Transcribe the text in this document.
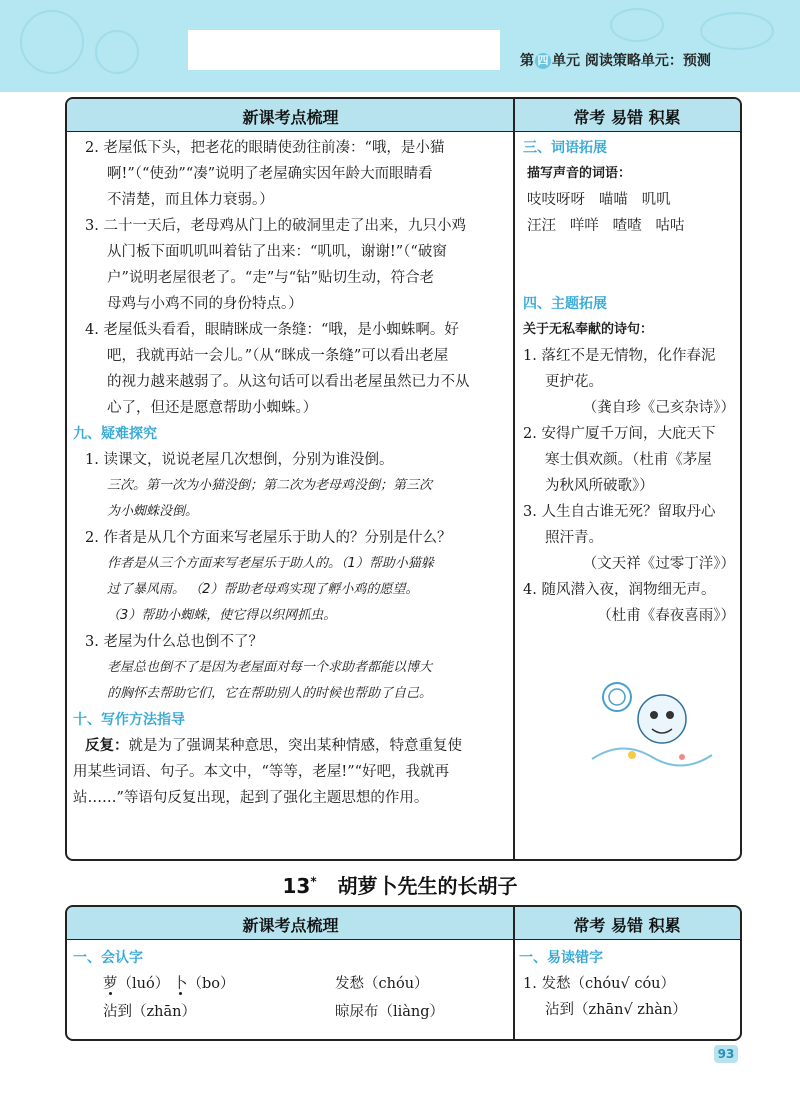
第 四 单元 阅读策略单元：预测
新课考点梳理	常考 易错 积累
2. 老屋低下头，把老花的眼睛使劲往前凑：“哦，是小猫
啊!”（“使劲”“凑”说明了老屋确实因年龄大而眼睛看
不清楚，而且体力衰弱。）
3. 二十一天后，老母鸡从门上的破洞里走了出来，九只小鸡
从门板下面叽叽叫着钻了出来：“叽叽，谢谢!”（“破窗
户”说明老屋很老了。“走”与“钻”贴切生动，符合老
母鸡与小鸡不同的身份特点。）
4. 老屋低头看看，眼睛眯成一条缝：“哦，是小蜘蛛啊。好
吧，我就再站一会儿。”（从“眯成一条缝”可以看出老屋
的视力越来越弱了。从这句话可以看出老屋虽然已力不从
心了，但还是愿意帮助小蜘蛛。）
九、疑难探究
1. 读课文，说说老屋几次想倒，分别为谁没倒。
三次。第一次为小猫没倒；第二次为老母鸡没倒；第三次
为小蜘蛛没倒。
2. 作者是从几个方面来写老屋乐于助人的？分别是什么？
作者是从三个方面来写老屋乐于助人的。（1）帮助小猫躲
过了暴风雨。 （2）帮助老母鸡实现了孵小鸡的愿望。
（3）帮助小蜘蛛，使它得以织网抓虫。
3. 老屋为什么总也倒不了？
老屋总也倒不了是因为老屋面对每一个求助者都能以博大
的胸怀去帮助它们，它在帮助别人的时候也帮助了自己。
十、写作方法指导
反复：就是为了强调某种意思，突出某种情感，特意重复使
用某些词语、句子。本文中，“等等，老屋!”“好吧，我就再
站……”等语句反复出现，起到了强化主题思想的作用。
三、词语拓展
描写声音的词语：
吱吱呀呀   喵喵   叽叽
汪汪   咩咩   喳喳   咕咕
四、主题拓展
关于无私奉献的诗句：
1. 落红不是无情物，化作春泥
更护花。
（龚自珍《己亥杂诗》）
2. 安得广厦千万间，大庇天下
寒士俱欢颜。（杜甫《茅屋
为秋风所破歌》）
3. 人生自古谁无死？留取丹心
照汗青。
（文天祥《过零丁洋》）
4. 随风潜入夜，润物细无声。
（杜甫《春夜喜雨》）
13* 胡萝卜先生的长胡子
新课考点梳理	常考 易错 积累
一、会认字
萝（luó） 卜（bo）	发愁（chóu）
沾到（zhān）	晾尿布（liàng）
一、易读错字
1. 发愁（chóu√ cóu）
沾到（zhān√ zhàn）
93
